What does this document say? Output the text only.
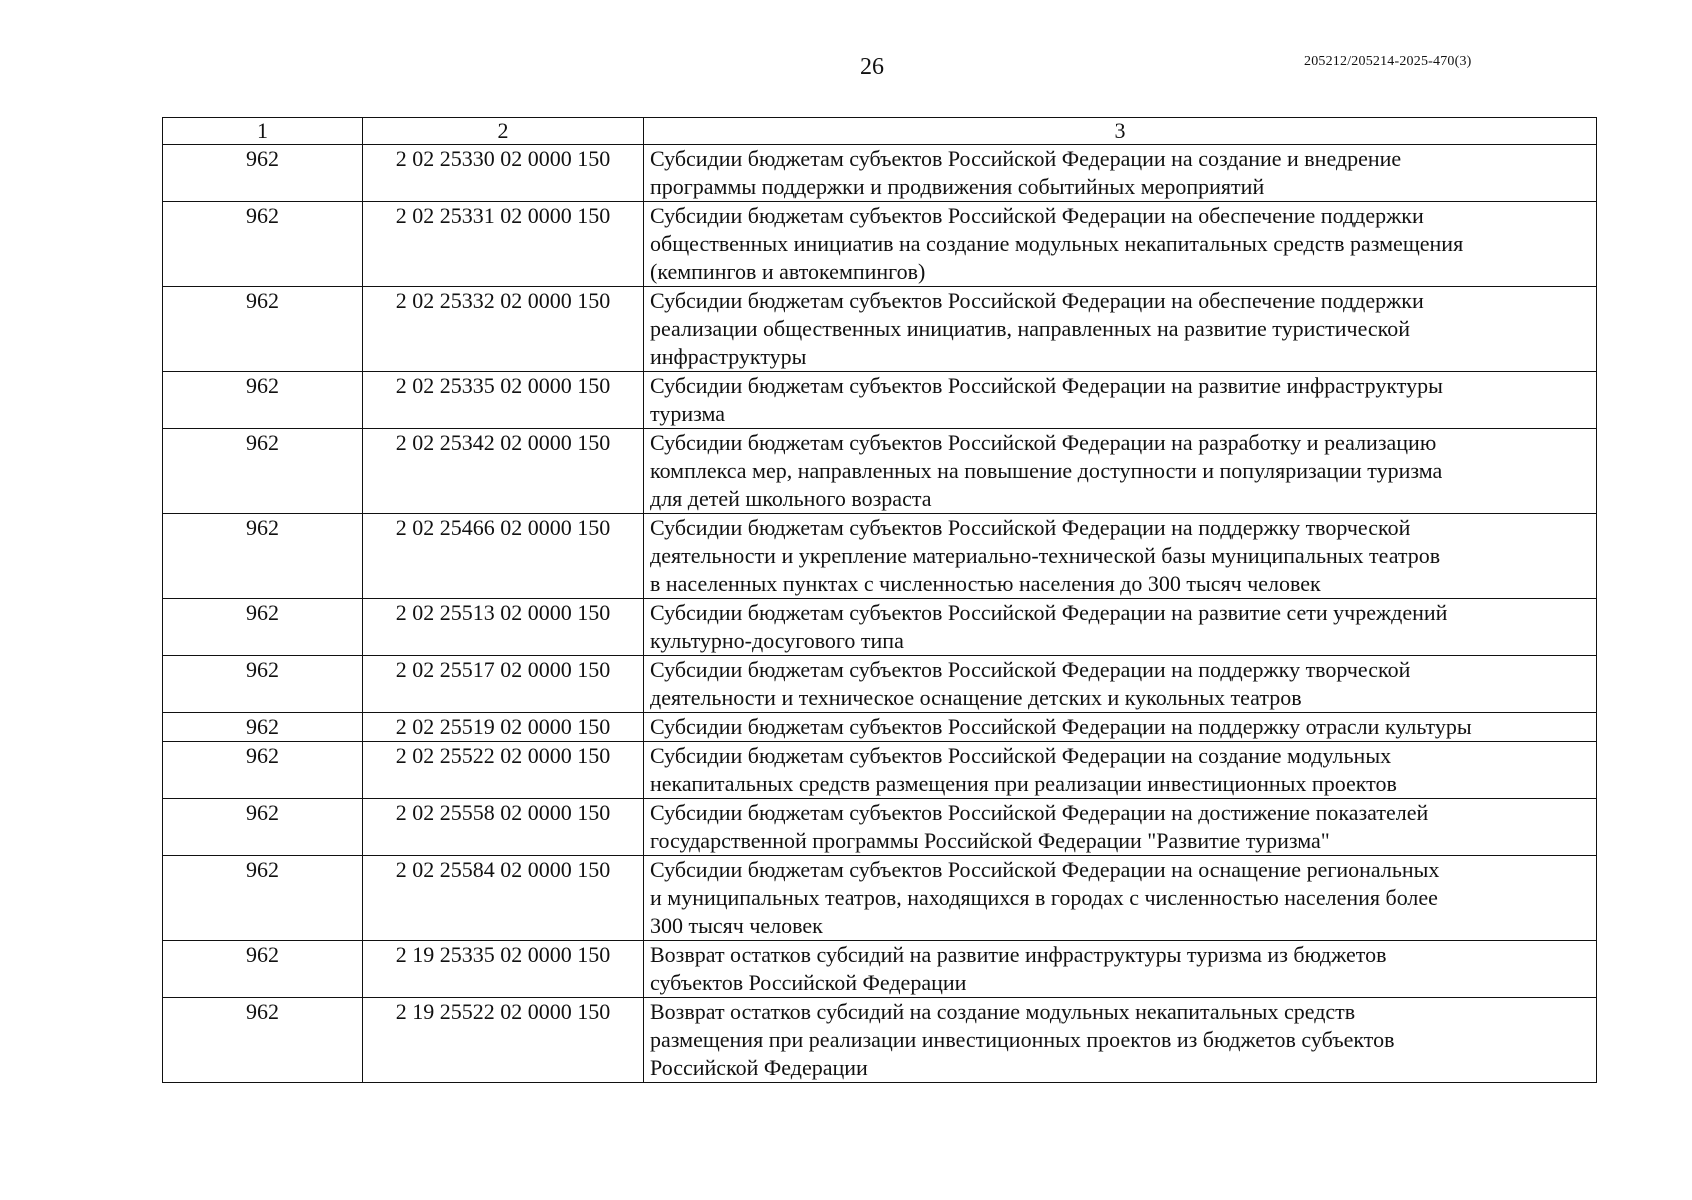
26	205212/205214-2025-470(3)
1	2	3
962	2 02 25330 02 0000 150	Субсидии бюджетам субъектов Российской Федерации на создание и внедрение
программы поддержки и продвижения событийных мероприятий
962	2 02 25331 02 0000 150	Субсидии бюджетам субъектов Российской Федерации на обеспечение поддержки
общественных инициатив на создание модульных некапитальных средств размещения
(кемпингов и автокемпингов)
962	2 02 25332 02 0000 150	Субсидии бюджетам субъектов Российской Федерации на обеспечение поддержки
реализации общественных инициатив, направленных на развитие туристической
инфраструктуры
962	2 02 25335 02 0000 150	Субсидии бюджетам субъектов Российской Федерации на развитие инфраструктуры
туризма
962	2 02 25342 02 0000 150	Субсидии бюджетам субъектов Российской Федерации на разработку и реализацию
комплекса мер, направленных на повышение доступности и популяризации туризма
для детей школьного возраста
962	2 02 25466 02 0000 150	Субсидии бюджетам субъектов Российской Федерации на поддержку творческой
деятельности и укрепление материально-технической базы муниципальных театров
в населенных пунктах с численностью населения до 300 тысяч человек
962	2 02 25513 02 0000 150	Субсидии бюджетам субъектов Российской Федерации на развитие сети учреждений
культурно-досугового типа
962	2 02 25517 02 0000 150	Субсидии бюджетам субъектов Российской Федерации на поддержку творческой
деятельности и техническое оснащение детских и кукольных театров
962	2 02 25519 02 0000 150	Субсидии бюджетам субъектов Российской Федерации на поддержку отрасли культуры
962	2 02 25522 02 0000 150	Субсидии бюджетам субъектов Российской Федерации на создание модульных
некапитальных средств размещения при реализации инвестиционных проектов
962	2 02 25558 02 0000 150	Субсидии бюджетам субъектов Российской Федерации на достижение показателей
государственной программы Российской Федерации "Развитие туризма"
962	2 02 25584 02 0000 150	Субсидии бюджетам субъектов Российской Федерации на оснащение региональных
и муниципальных театров, находящихся в городах с численностью населения более
300 тысяч человек
962	2 19 25335 02 0000 150	Возврат остатков субсидий на развитие инфраструктуры туризма из бюджетов
субъектов Российской Федерации
962	2 19 25522 02 0000 150	Возврат остатков субсидий на создание модульных некапитальных средств
размещения при реализации инвестиционных проектов из бюджетов субъектов
Российской Федерации
